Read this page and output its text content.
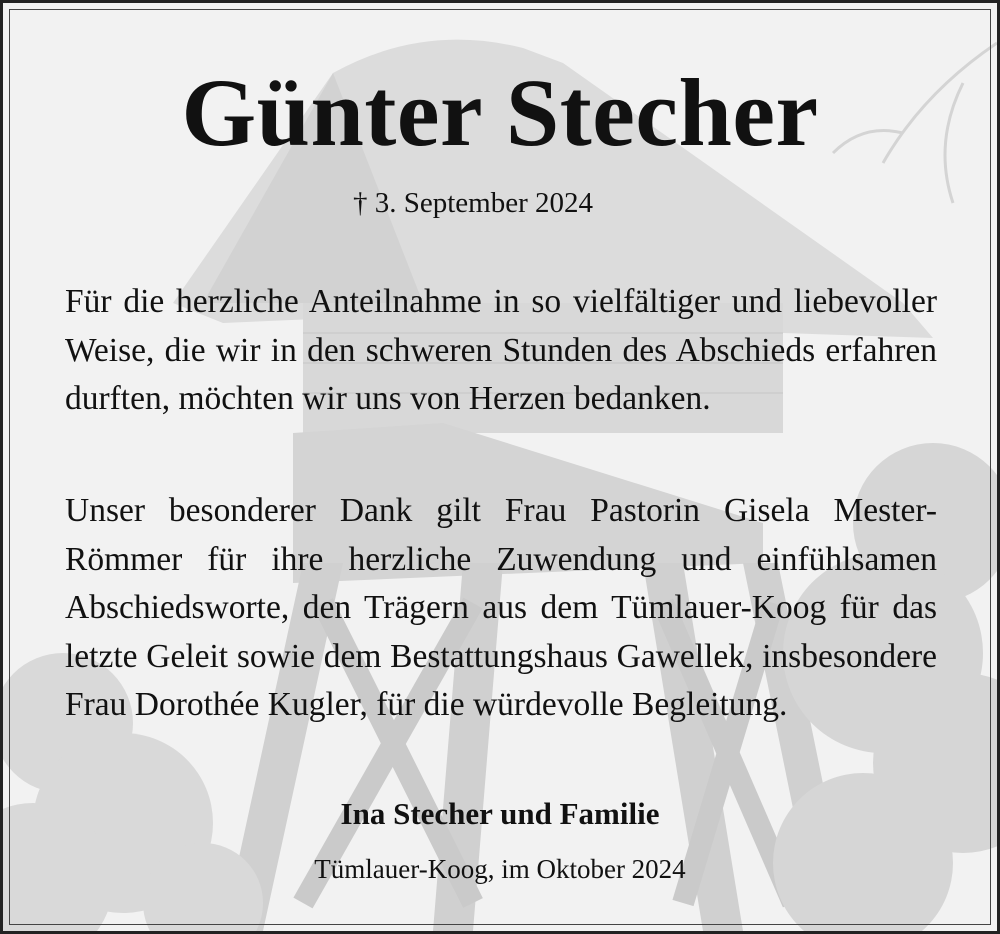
Günter Stecher
† 3. September 2024
Für die herzliche Anteilnahme in so vielfältiger und liebevoller Weise, die wir in den schweren Stunden des Abschieds erfahren durften, möchten wir uns von Herzen bedanken.
Unser besonderer Dank gilt Frau Pastorin Gisela Mester-Römmer für ihre herzliche Zuwendung und einfühlsamen Abschiedsworte, den Trägern aus dem Tümlauer-Koog für das letzte Geleit sowie dem Bestattungshaus Gawellek, insbesondere Frau Dorothée Kugler, für die würdevolle Begleitung.
Ina Stecher und Familie
Tümlauer-Koog, im Oktober 2024
